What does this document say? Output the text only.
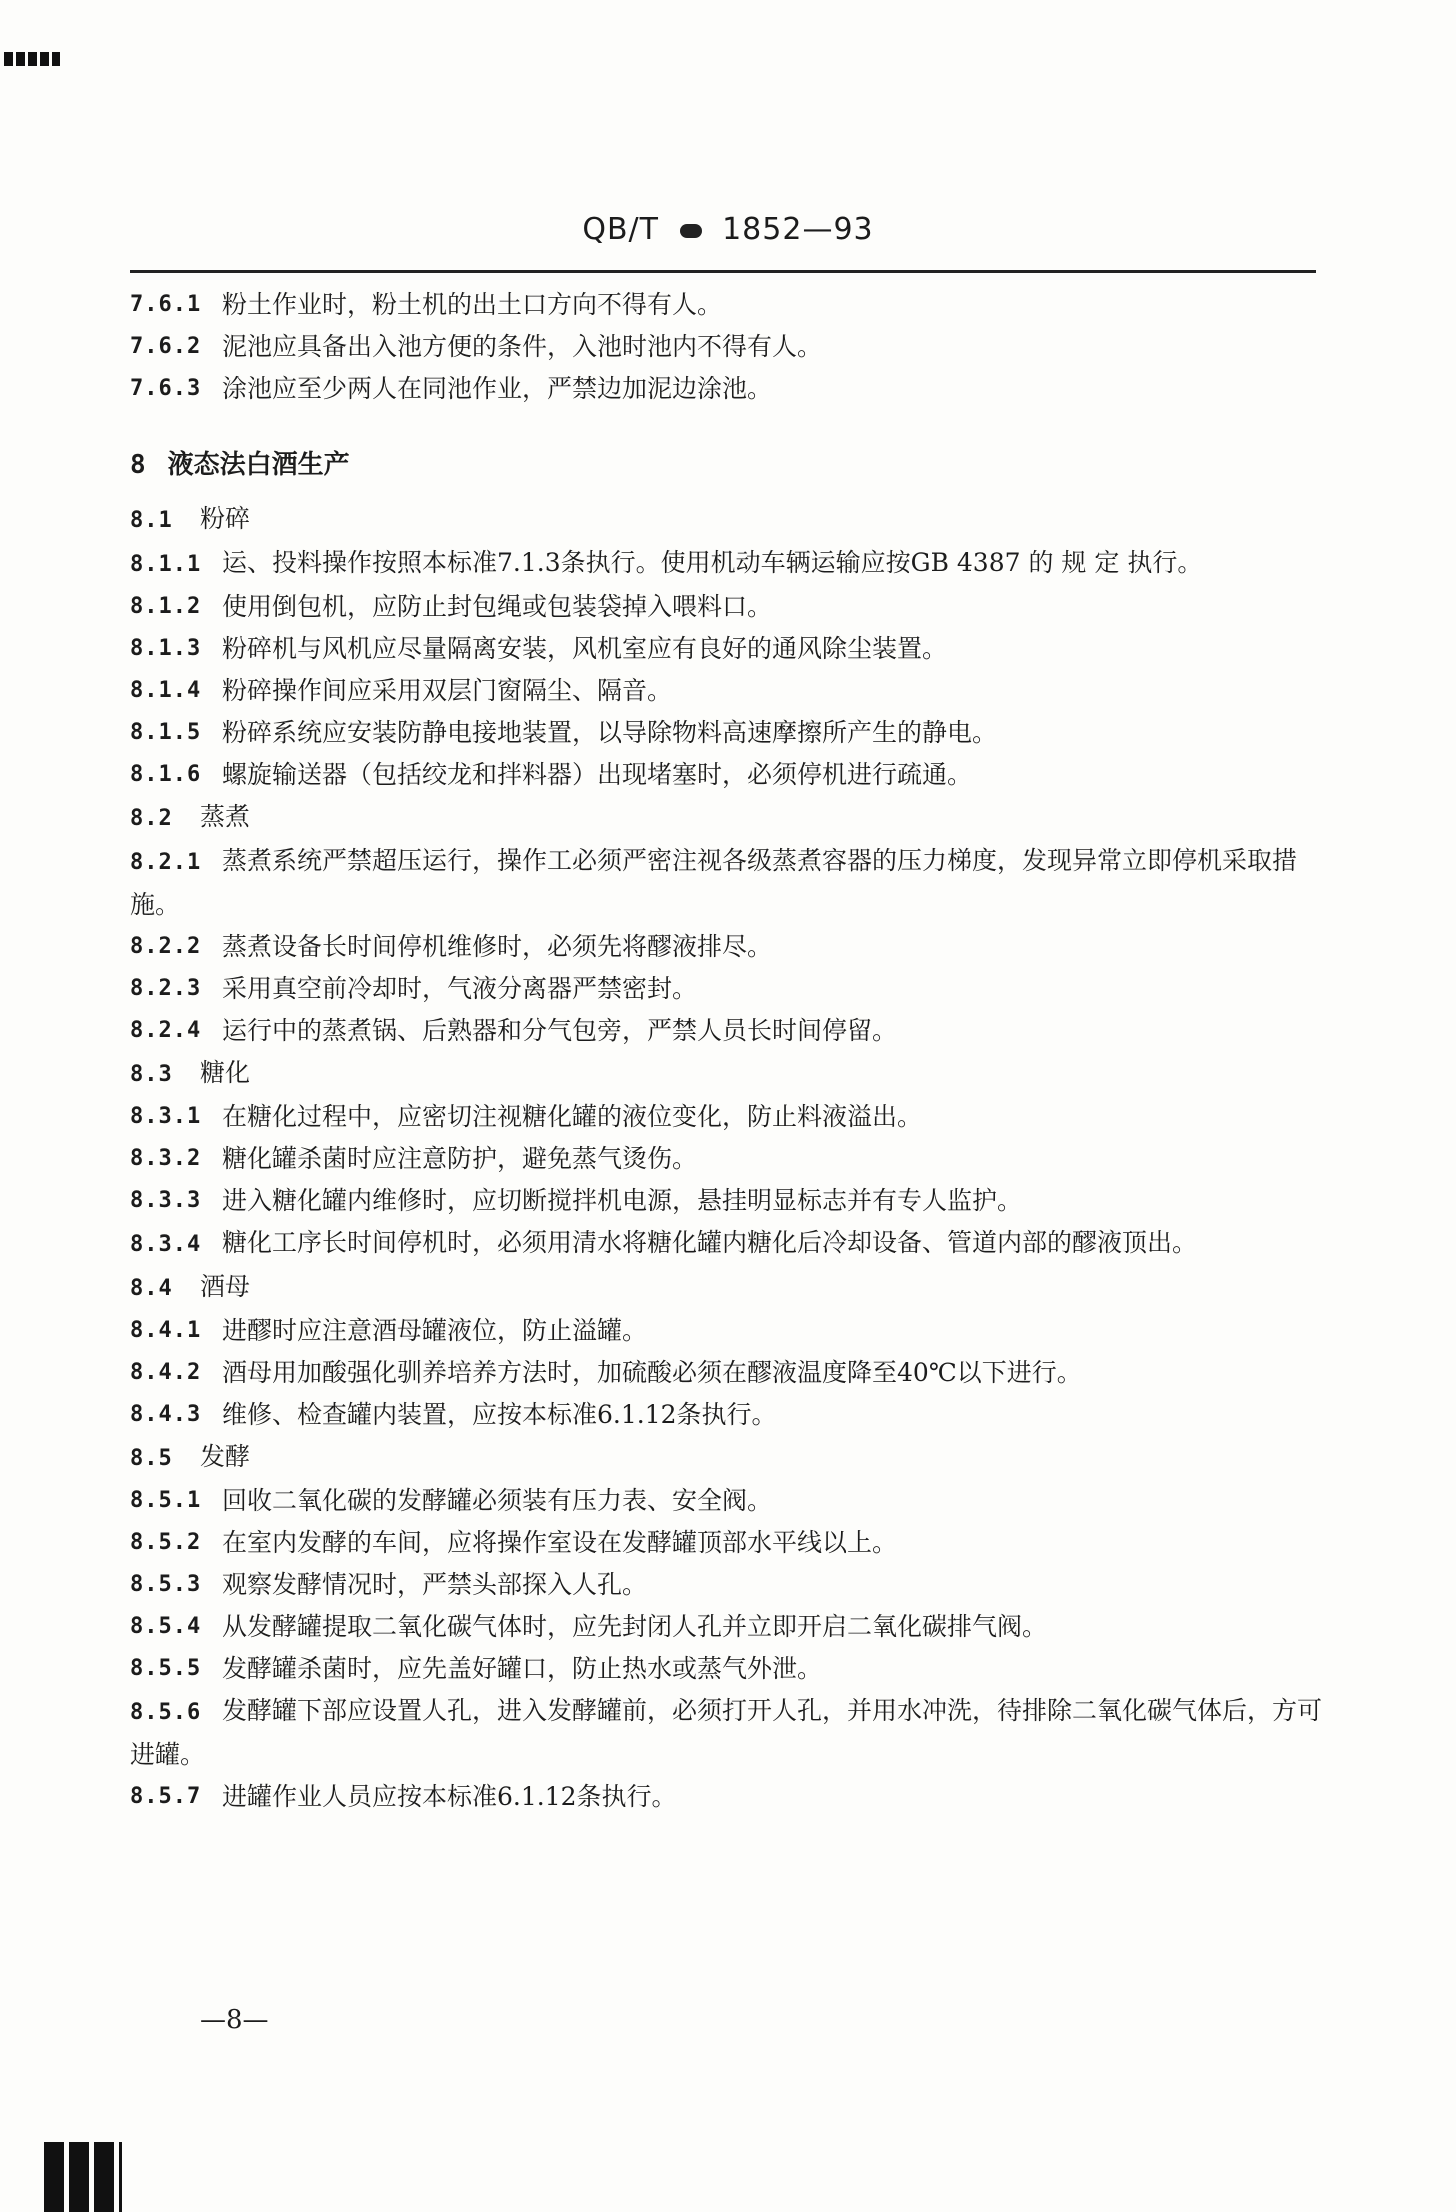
QB/T 1852—93
7.6.1 粉土作业时，粉土机的出土口方向不得有人。
7.6.2 泥池应具备出入池方便的条件，入池时池内不得有人。
7.6.3 涂池应至少两人在同池作业，严禁边加泥边涂池。
8 液态法白酒生产
8.1 粉碎
8.1.1 运、投料操作按照本标准7.1.3条执行。使用机动车辆运输应按GB 4387 的 规 定 执行。
8.1.2 使用倒包机，应防止封包绳或包装袋掉入喂料口。
8.1.3 粉碎机与风机应尽量隔离安装，风机室应有良好的通风除尘装置。
8.1.4 粉碎操作间应采用双层门窗隔尘、隔音。
8.1.5 粉碎系统应安装防静电接地装置，以导除物料高速摩擦所产生的静电。
8.1.6 螺旋输送器（包括绞龙和拌料器）出现堵塞时，必须停机进行疏通。
8.2 蒸煮
8.2.1 蒸煮系统严禁超压运行，操作工必须严密注视各级蒸煮容器的压力梯度，发现异常立即停机采取措施。
8.2.2 蒸煮设备长时间停机维修时，必须先将醪液排尽。
8.2.3 采用真空前冷却时，气液分离器严禁密封。
8.2.4 运行中的蒸煮锅、后熟器和分气包旁，严禁人员长时间停留。
8.3 糖化
8.3.1 在糖化过程中，应密切注视糖化罐的液位变化，防止料液溢出。
8.3.2 糖化罐杀菌时应注意防护，避免蒸气烫伤。
8.3.3 进入糖化罐内维修时，应切断搅拌机电源，悬挂明显标志并有专人监护。
8.3.4 糖化工序长时间停机时，必须用清水将糖化罐内糖化后冷却设备、管道内部的醪液顶出。
8.4 酒母
8.4.1 进醪时应注意酒母罐液位，防止溢罐。
8.4.2 酒母用加酸强化驯养培养方法时，加硫酸必须在醪液温度降至40℃以下进行。
8.4.3 维修、检查罐内装置，应按本标准6.1.12条执行。
8.5 发酵
8.5.1 回收二氧化碳的发酵罐必须装有压力表、安全阀。
8.5.2 在室内发酵的车间，应将操作室设在发酵罐顶部水平线以上。
8.5.3 观察发酵情况时，严禁头部探入人孔。
8.5.4 从发酵罐提取二氧化碳气体时，应先封闭人孔并立即开启二氧化碳排气阀。
8.5.5 发酵罐杀菌时，应先盖好罐口，防止热水或蒸气外泄。
8.5.6 发酵罐下部应设置人孔，进入发酵罐前，必须打开人孔，并用水冲洗，待排除二氧化碳气体后，方可进罐。
8.5.7 进罐作业人员应按本标准6.1.12条执行。
—8—
